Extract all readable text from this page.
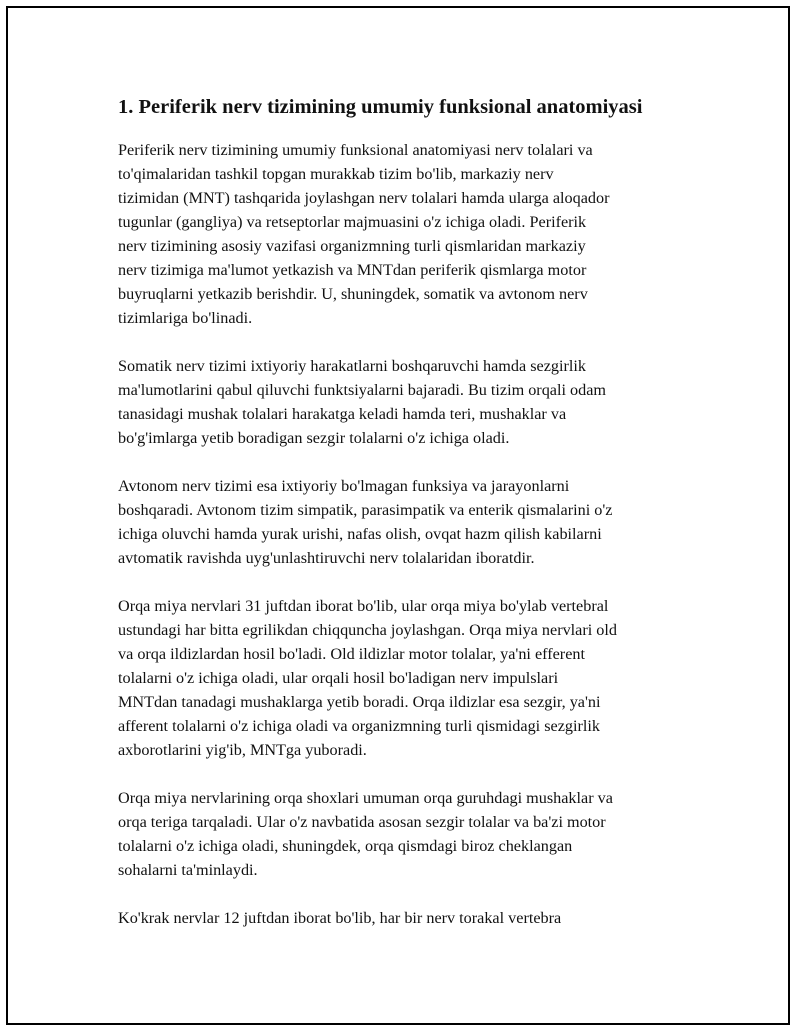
1. Periferik nerv tizimining umumiy funksional anatomiyasi

Periferik nerv tizimining umumiy funksional anatomiyasi nerv tolalari va
to'qimalaridan tashkil topgan murakkab tizim bo'lib, markaziy nerv
tizimidan (MNT) tashqarida joylashgan nerv tolalari hamda ularga aloqador
tugunlar (gangliya) va retseptorlar majmuasini o'z ichiga oladi. Periferik
nerv tizimining asosiy vazifasi organizmning turli qismlaridan markaziy
nerv tizimiga ma'lumot yetkazish va MNTdan periferik qismlarga motor
buyruqlarni yetkazib berishdir. U, shuningdek, somatik va avtonom nerv
tizimlariga bo'linadi.

Somatik nerv tizimi ixtiyoriy harakatlarni boshqaruvchi hamda sezgirlik
ma'lumotlarini qabul qiluvchi funktsiyalarni bajaradi. Bu tizim orqali odam
tanasidagi mushak tolalari harakatga keladi hamda teri, mushaklar va
bo'g'imlarga yetib boradigan sezgir tolalarni o'z ichiga oladi.

Avtonom nerv tizimi esa ixtiyoriy bo'lmagan funksiya va jarayonlarni
boshqaradi. Avtonom tizim simpatik, parasimpatik va enterik qismalarini o'z
ichiga oluvchi hamda yurak urishi, nafas olish, ovqat hazm qilish kabilarni
avtomatik ravishda uyg'unlashtiruvchi nerv tolalaridan iboratdir.

Orqa miya nervlari 31 juftdan iborat bo'lib, ular orqa miya bo'ylab vertebral
ustundagi har bitta egrilikdan chiqquncha joylashgan. Orqa miya nervlari old
va orqa ildizlardan hosil bo'ladi. Old ildizlar motor tolalar, ya'ni efferent
tolalarni o'z ichiga oladi, ular orqali hosil bo'ladigan nerv impulslari
MNTdan tanadagi mushaklarga yetib boradi. Orqa ildizlar esa sezgir, ya'ni
afferent tolalarni o'z ichiga oladi va organizmning turli qismidagi sezgirlik
axborotlarini yig'ib, MNTga yuboradi.

Orqa miya nervlarining orqa shoxlari umuman orqa guruhdagi mushaklar va
orqa teriga tarqaladi. Ular o'z navbatida asosan sezgir tolalar va ba'zi motor
tolalarni o'z ichiga oladi, shuningdek, orqa qismdagi biroz cheklangan
sohalarni ta'minlaydi.

Ko'krak nervlar 12 juftdan iborat bo'lib, har bir nerv torakal vertebra
